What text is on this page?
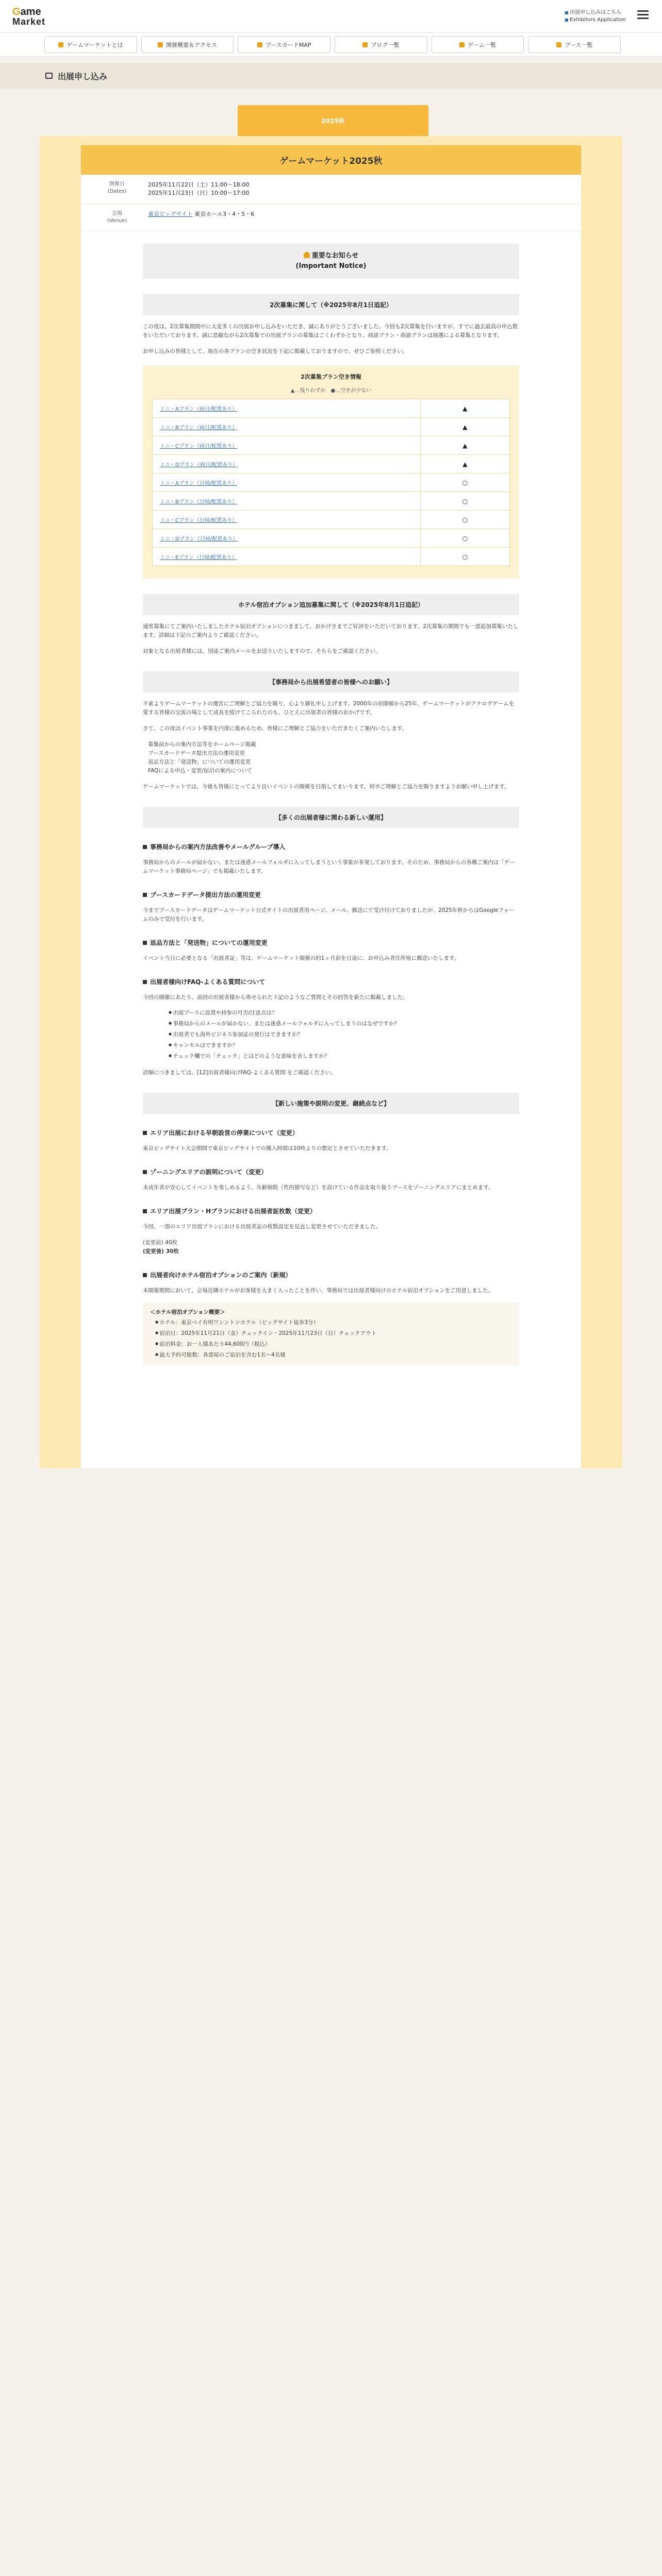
Game
Market
■ 出展申し込みはこちら
■ Exhibitors Application
ゲームマーケットとは	開催概要＆アクセス	ブースカードMAP	ブログ一覧	ゲーム一覧	ブース一覧
出展申し込み
2025秋
ゲームマーケット2025秋
開催日
(Dates)
2025年11月22日（土）11:00～18:00
2025年11月23日（日）10:00～17:00
会場
(Venue)
東京ビッグサイト 東京ホール3・4・5・6
重要なお知らせ
(Important Notice)
2次募集に関して（※2025年8月1日追記）
この度は、2次募集期間中に大変多くの出展お申し込みをいただき、誠にありがとうございました。今回も2次募集を行いますが、すでに過去最高の申込数をいただいております。誠に恐縮ながら2次募集での出展プランの募集はごくわずかとなり、商談プラン・商談プランは抽選による募集となります。
お申し込みの皆様として、現在の各プランの空き状況を下記に掲載しておりますので、ぜひご参照ください。
2次募集プラン空き情報
▲…残りわずか　●…空きが少ない
ミニ・Aプラン（両日/配置あり）	▲
ミニ・Bプラン（両日/配置あり）	▲
ミニ・Cプラン（両日/配置あり）	▲
ミニ・Dプラン（両日/配置あり）	▲
ミニ・Aプラン（日帰/配置あり）	○
ミニ・Bプラン（日帰/配置あり）	○
ミニ・Cプラン（日帰/配置あり）	○
ミニ・Dプラン（日帰/配置あり）	○
ミニ・Eプラン（日帰/配置あり）	○
ホテル宿泊オプション追加募集に関して（※2025年8月1日追記）
通常募集にてご案内いたしましたホテル宿泊オプションにつきまして、おかげさまでご好評をいただいております。2次募集の期間でも一部追加募集いたします。詳細は下記のご案内よりご確認ください。
対象となる出展者様には、別途ご案内メールをお送りいたしますので、そちらをご確認ください。
【事務局から出展希望者の皆様へのお願い】
平素よりゲームマーケットの運営にご理解とご協力を賜り、心より御礼申し上げます。2000年の初開催から25年、ゲームマーケットがアナログゲームを愛する皆様の交流の場として成長を続けてこられたのも、ひとえに出展者の皆様のおかげです。
さて、この度はイベント事業を円滑に進めるため、皆様にご理解とご協力をいただきたくご案内いたします。
募集前からの案内方法等をホームページ掲載
ブースカードデータ提出方法の運用変更
返品方法と「発送物」についての運用変更
FAQによる申込・変更/宿泊の案内について
ゲームマーケットでは、今後も皆様にとってより良いイベントの開催を目指してまいります。何卒ご理解とご協力を賜りますようお願い申し上げます。
【多くの出展者様に関わる新しい運用】
事務局からの案内方法改善やメールグループ導入
事務局からのメールが届かない、または迷惑メールフォルダに入ってしまうという事象が多発しております。そのため、事務局からの各種ご案内は「ゲームマーケット事務局ページ」でも掲載いたします。
ブースカードデータ提出方法の運用変更
今までブースカードデータはゲームマーケット公式サイトの出展者用ページ、メール、郵送にて受け付けておりましたが、2025年秋からはGoogleフォームのみで受付を行います。
返品方法と「発送物」についての運用変更
イベント当日に必要となる「出展者証」等は、ゲームマーケット開催の約1ヶ月前を目途に、お申込み者住所宛に郵送いたします。
出展者様向けFAQ-よくある質問について
今回の開催にあたり、前回の出展者様から寄せられた下記のようなご質問とその回答を新たに掲載しました。
● 出展ブースに設置や持参の可否/注意点は？
● 事務局からのメールが届かない、または迷惑メールフォルダに入ってしまうのはなぜですか？
● 出展者でも海外ビジネス参加証の発行はできますか？
● キャンセルはできますか？
● チェック欄での「チェック」とはどのような意味を表しますか？
詳細につきましては、[12]出展者様向けFAQ-よくある質問 をご確認ください。
【新しい施策や説明の変更、継続点など】
エリア出展における早朝設営の停業について（変更）
東京ビッグサイト大会期間で東京ビッグサイトでの搬入時間は10時よりの想定とさせていただきます。
ゾーニングエリアの説明について（変更）
未成年者が安心してイベントを楽しめるよう、年齢制限（性的描写など）を設けている作品を取り扱うブースをゾーニングエリアにまとめます。
エリア出展プラン・Hプランにおける出展者証枚数（変更）
今回、一部のエリア出展プランにおける出展者証の枚数設定を見直し変更させていただきました。
(変更前) 40枚
(変更後) 30枚
出展者向けホテル宿泊オプションのご案内（新規）
本開催期間において、会場近隣ホテルがお客様を大きく入ったことを伴い、事務局では出展者様向けのホテル宿泊オプションをご用意しました。
＜ホテル宿泊オプション概要＞
● ホテル：東京ベイ有明ワシントンホテル（ビッグサイト徒歩3分）
● 宿泊日：2025年11月21日（金）チェックイン・2025年11月23日（日）チェックアウト
● 宿泊料金：お一人様あたり44,600円（税込）
● 最大予約可能数：各部屋のご宿泊を含む1名～4名様
